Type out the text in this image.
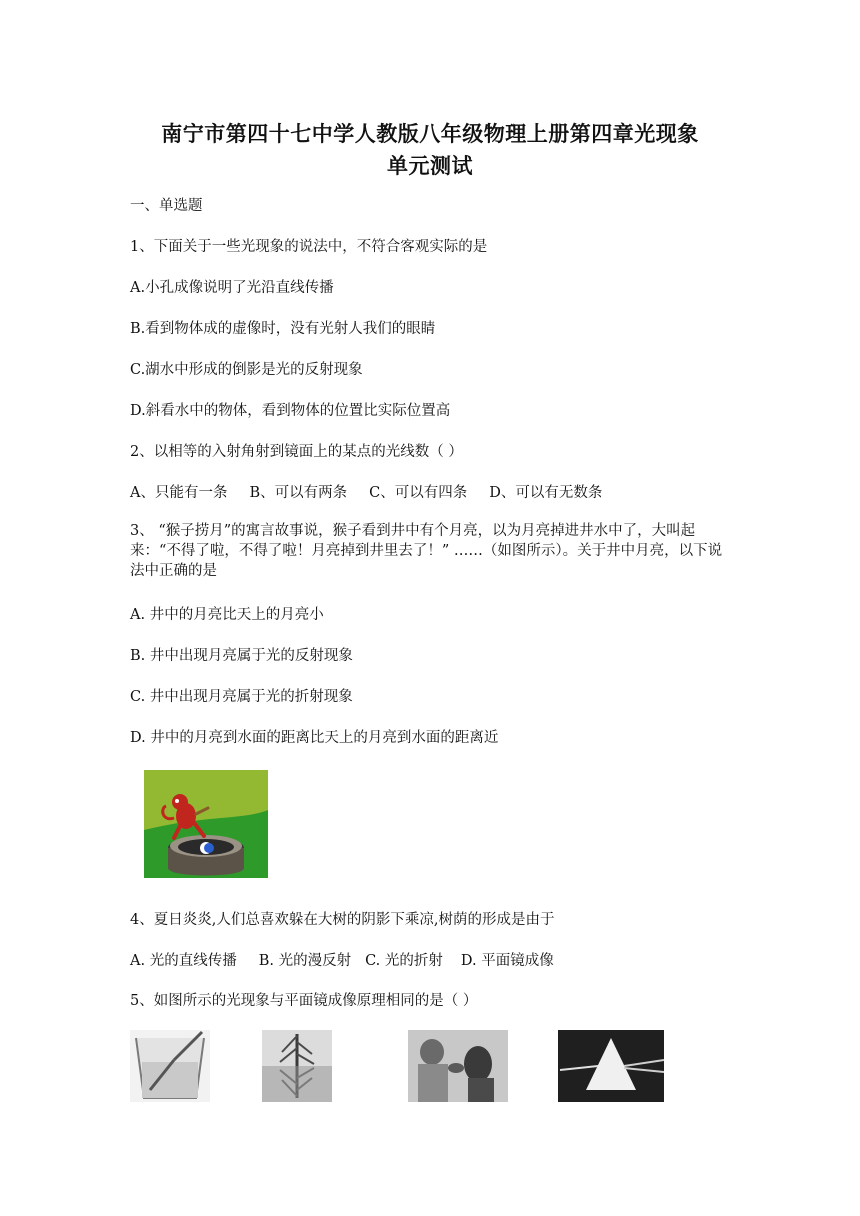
南宁市第四十七中学人教版八年级物理上册第四章光现象
单元测试
一、单选题
1、下面关于一些光现象的说法中，不符合客观实际的是
A.小孔成像说明了光沿直线传播
B.看到物体成的虚像时，没有光射人我们的眼睛
C.湖水中形成的倒影是光的反射现象
D.斜看水中的物体，看到物体的位置比实际位置高
2、以相等的入射角射到镜面上的某点的光线数（ ）
A、只能有一条 B、可以有两条 C、可以有四条 D、可以有无数条
3、 “猴子捞月”的寓言故事说，猴子看到井中有个月亮，以为月亮掉进井水中了，大叫起来：“不得了啦，不得了啦！月亮掉到井里去了！” ……（如图所示）。关于井中月亮，以下说法中正确的是
A. 井中的月亮比天上的月亮小
B. 井中出现月亮属于光的反射现象
C. 井中出现月亮属于光的折射现象
D. 井中的月亮到水面的距离比天上的月亮到水面的距离近
4、夏日炎炎,人们总喜欢躲在大树的阴影下乘凉,树荫的形成是由于
A. 光的直线传播 B. 光的漫反射 C. 光的折射 D. 平面镜成像
5、如图所示的光现象与平面镜成像原理相同的是（ ）
